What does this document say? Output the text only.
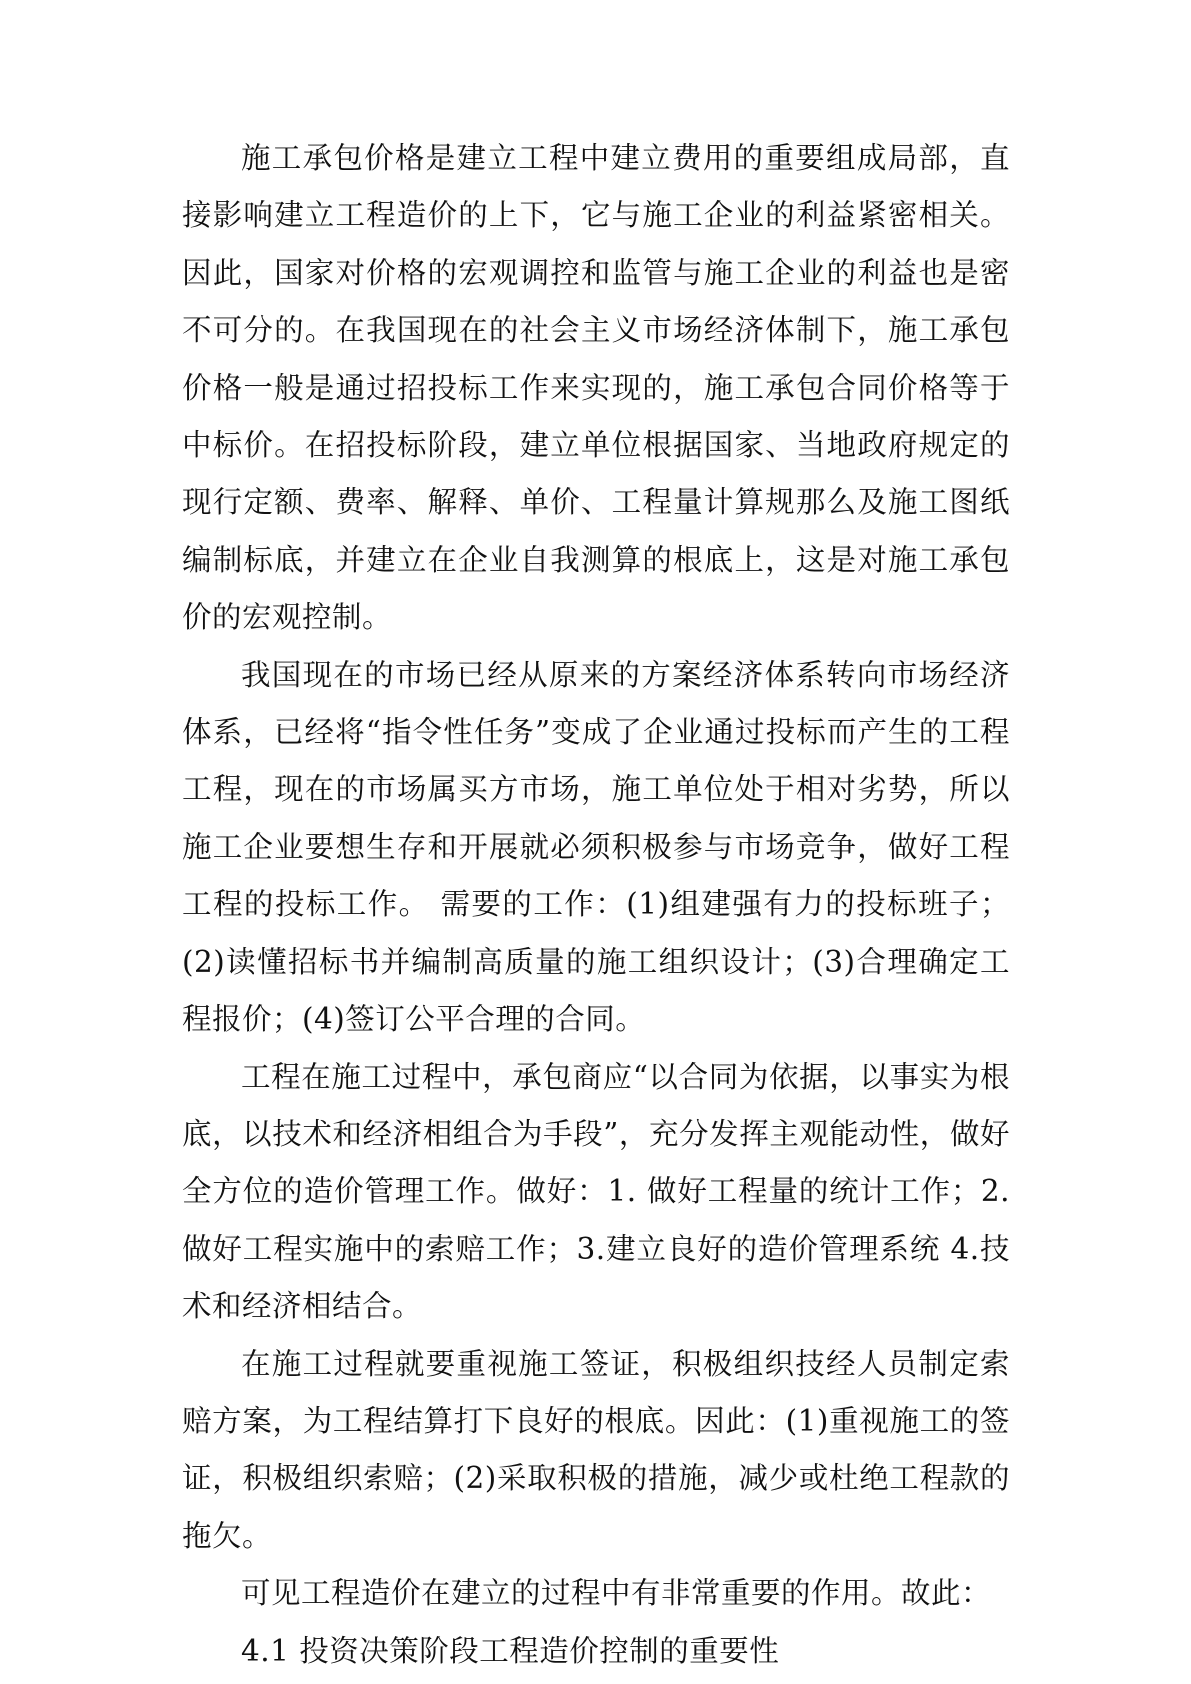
施工承包价格是建立工程中建立费用的重要组成局部，直接影响建立工程造价的上下，它与施工企业的利益紧密相关。因此，国家对价格的宏观调控和监管与施工企业的利益也是密不可分的。在我国现在的社会主义市场经济体制下，施工承包价格一般是通过招投标工作来实现的，施工承包合同价格等于中标价。在招投标阶段，建立单位根据国家、当地政府规定的现行定额、费率、解释、单价、工程量计算规那么及施工图纸编制标底，并建立在企业自我测算的根底上，这是对施工承包价的宏观控制。

我国现在的市场已经从原来的方案经济体系转向市场经济体系，已经将“指令性任务”变成了企业通过投标而产生的工程工程，现在的市场属买方市场，施工单位处于相对劣势，所以施工企业要想生存和开展就必须积极参与市场竞争，做好工程工程的投标工作。 需要的工作：(1)组建强有力的投标班子；(2)读懂招标书并编制高质量的施工组织设计；(3)合理确定工程报价；(4)签订公平合理的合同。

工程在施工过程中，承包商应“以合同为依据，以事实为根底，以技术和经济相组合为手段”，充分发挥主观能动性，做好全方位的造价管理工作。做好：1. 做好工程量的统计工作；2.做好工程实施中的索赔工作；3.建立良好的造价管理系统 4.技术和经济相结合。

在施工过程就要重视施工签证，积极组织技经人员制定索赔方案，为工程结算打下良好的根底。因此：(1)重视施工的签证，积极组织索赔；(2)采取积极的措施，减少或杜绝工程款的拖欠。

可见工程造价在建立的过程中有非常重要的作用。故此：

4.1 投资决策阶段工程造价控制的重要性
